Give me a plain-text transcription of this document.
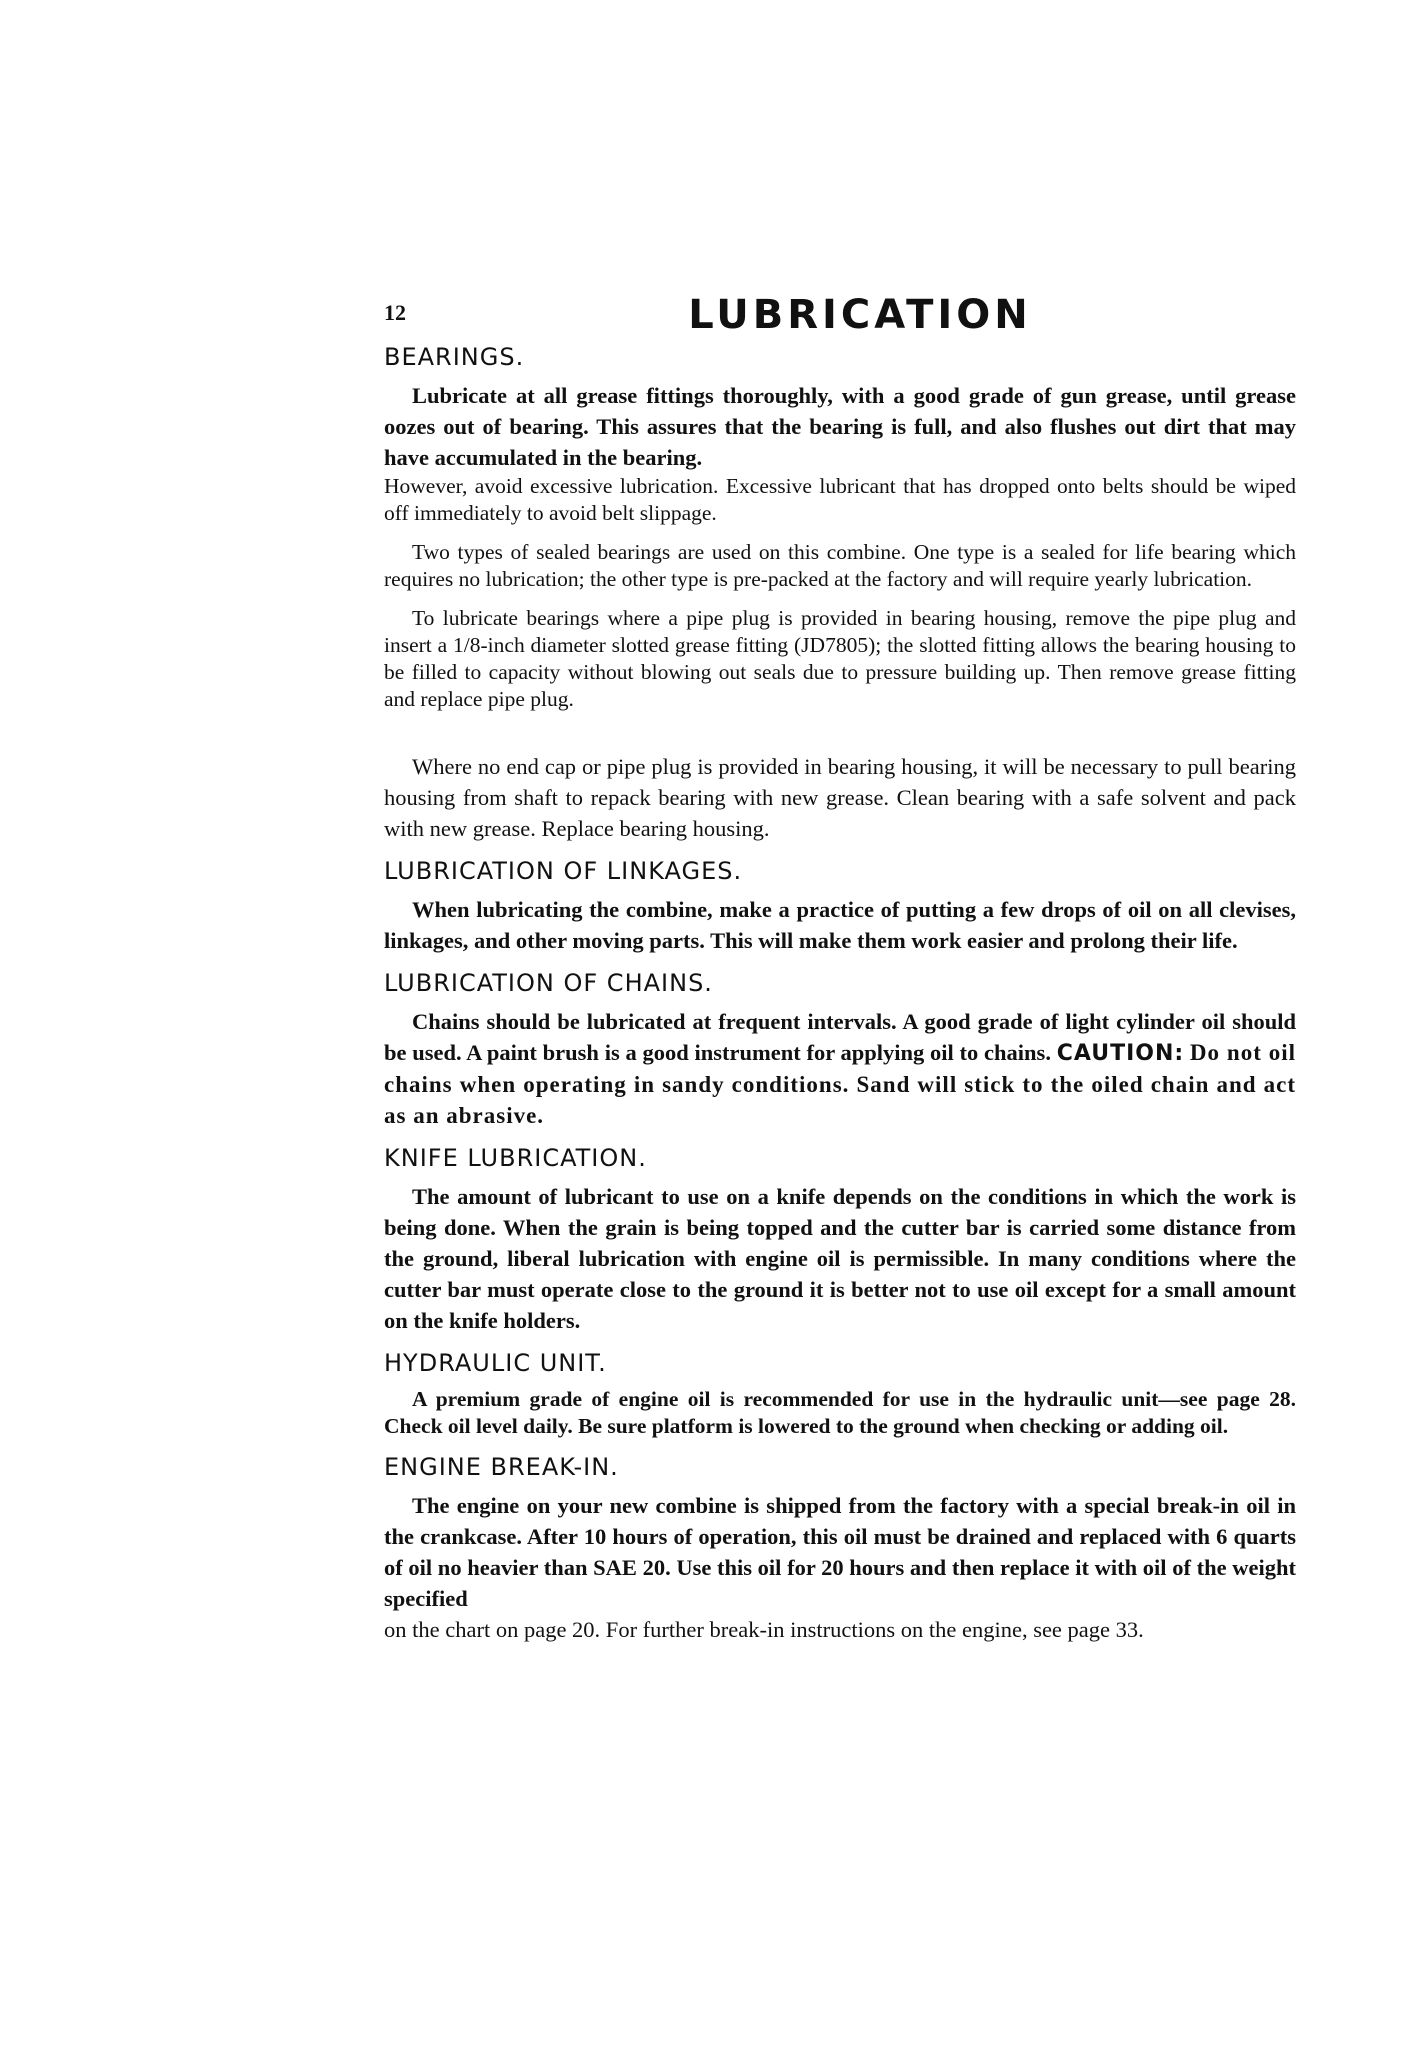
12	LUBRICATION
BEARINGS.

Lubricate at all grease fittings thoroughly, with a good grade of gun grease, until grease oozes out of bearing. This assures that the bearing is full, and also flushes out dirt that may have accumulated in the bearing.

However, avoid excessive lubrication. Excessive lubricant that has dropped onto belts should be wiped off immediately to avoid belt slippage.

Two types of sealed bearings are used on this combine. One type is a sealed for life bearing which requires no lubrication; the other type is pre-packed at the factory and will require yearly lubrication.

To lubricate bearings where a pipe plug is provided in bearing housing, remove the pipe plug and insert a 1/8-inch diameter slotted grease fitting (JD7805); the slotted fitting allows the bearing housing to be filled to capacity without blowing out seals due to pressure building up. Then remove grease fitting and replace pipe plug.

Where no end cap or pipe plug is provided in bearing housing, it will be necessary to pull bearing housing from shaft to repack bearing with new grease. Clean bearing with a safe solvent and pack with new grease. Replace bearing housing.

LUBRICATION OF LINKAGES.

When lubricating the combine, make a practice of putting a few drops of oil on all clevises, linkages, and other moving parts. This will make them work easier and prolong their life.

LUBRICATION OF CHAINS.

Chains should be lubricated at frequent intervals. A good grade of light cylinder oil should be used. A paint brush is a good instrument for applying oil to chains. CAUTION: Do not oil chains when operating in sandy conditions. Sand will stick to the oiled chain and act as an abrasive.

KNIFE LUBRICATION.

The amount of lubricant to use on a knife depends on the conditions in which the work is being done. When the grain is being topped and the cutter bar is carried some distance from the ground, liberal lubrication with engine oil is permissible. In many conditions where the cutter bar must operate close to the ground it is better not to use oil except for a small amount on the knife holders.

HYDRAULIC UNIT.

A premium grade of engine oil is recommended for use in the hydraulic unit—see page 28. Check oil level daily. Be sure platform is lowered to the ground when checking or adding oil.

ENGINE BREAK-IN.

The engine on your new combine is shipped from the factory with a special break-in oil in the crankcase. After 10 hours of operation, this oil must be drained and replaced with 6 quarts of oil no heavier than SAE 20. Use this oil for 20 hours and then replace it with oil of the weight specified

on the chart on page 20. For further break-in instructions on the engine, see page 33.
